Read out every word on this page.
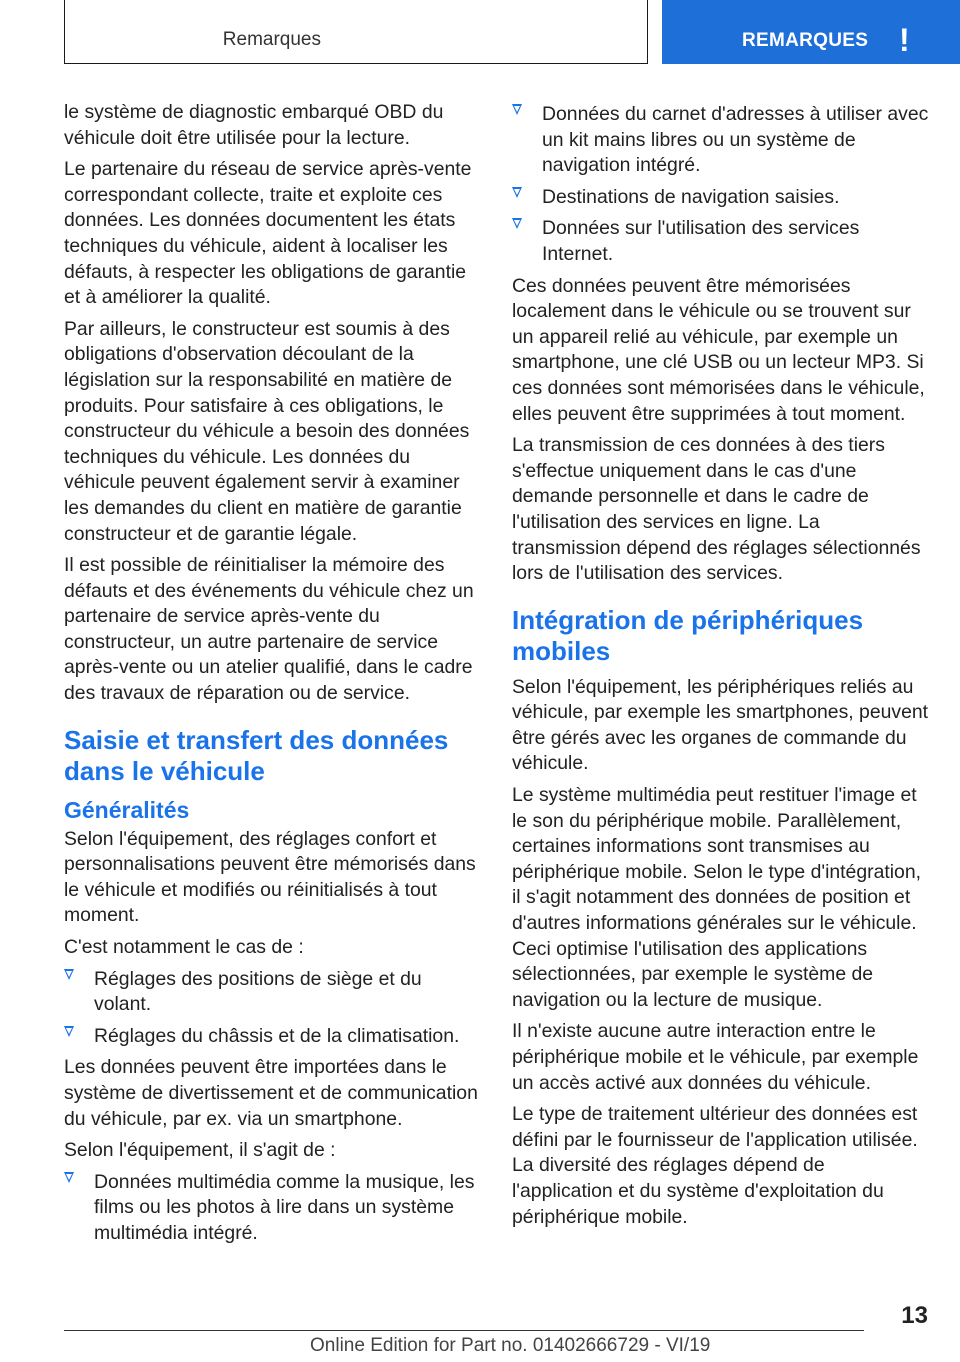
Remarques	REMARQUES !

le système de diagnostic embarqué OBD du véhicule doit être utilisée pour la lecture.

Le partenaire du réseau de service après-vente correspondant collecte, traite et exploite ces données. Les données documentent les états techniques du véhicule, aident à localiser les défauts, à respecter les obligations de garantie et à améliorer la qualité.

Par ailleurs, le constructeur est soumis à des obligations d'observation découlant de la législation sur la responsabilité en matière de produits. Pour satisfaire à ces obligations, le constructeur du véhicule a besoin des données techniques du véhicule. Les données du véhicule peuvent également servir à examiner les demandes du client en matière de garantie constructeur et de garantie légale.

Il est possible de réinitialiser la mémoire des défauts et des événements du véhicule chez un partenaire de service après-vente du constructeur, un autre partenaire de service après-vente ou un atelier qualifié, dans le cadre des travaux de réparation ou de service.

Saisie et transfert des données dans le véhicule
Généralités

Selon l'équipement, des réglages confort et personnalisations peuvent être mémorisés dans le véhicule et modifiés ou réinitialisés à tout moment.

C'est notamment le cas de :

Réglages des positions de siège et du volant.
Réglages du châssis et de la climatisation.

Les données peuvent être importées dans le système de divertissement et de communication du véhicule, par ex. via un smartphone.

Selon l'équipement, il s'agit de :

Données multimédia comme la musique, les films ou les photos à lire dans un système multimédia intégré.
Données du carnet d'adresses à utiliser avec un kit mains libres ou un système de navigation intégré.
Destinations de navigation saisies.
Données sur l'utilisation des services Internet.

Ces données peuvent être mémorisées localement dans le véhicule ou se trouvent sur un appareil relié au véhicule, par exemple un smartphone, une clé USB ou un lecteur MP3. Si ces données sont mémorisées dans le véhicule, elles peuvent être supprimées à tout moment.

La transmission de ces données à des tiers s'effectue uniquement dans le cas d'une demande personnelle et dans le cadre de l'utilisation des services en ligne. La transmission dépend des réglages sélectionnés lors de l'utilisation des services.

Intégration de périphériques mobiles

Selon l'équipement, les périphériques reliés au véhicule, par exemple les smartphones, peuvent être gérés avec les organes de commande du véhicule.

Le système multimédia peut restituer l'image et le son du périphérique mobile. Parallèlement, certaines informations sont transmises au périphérique mobile. Selon le type d'intégration, il s'agit notamment des données de position et d'autres informations générales sur le véhicule. Ceci optimise l'utilisation des applications sélectionnées, par exemple le système de navigation ou la lecture de musique.

Il n'existe aucune autre interaction entre le périphérique mobile et le véhicule, par exemple un accès activé aux données du véhicule.

Le type de traitement ultérieur des données est défini par le fournisseur de l'application utilisée. La diversité des réglages dépend de l'application et du système d'exploitation du périphérique mobile.

13
Online Edition for Part no. 01402666729 - VI/19
